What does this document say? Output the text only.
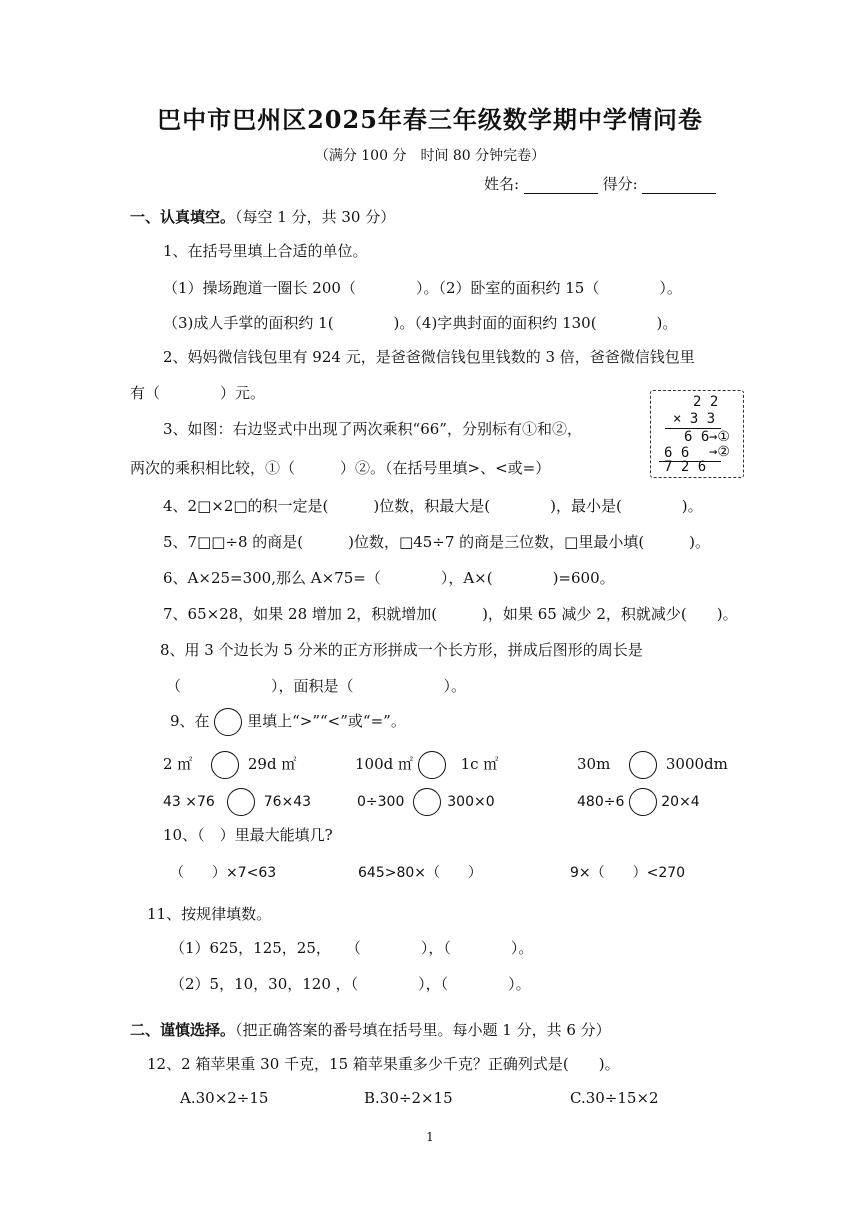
巴中市巴州区2025年春三年级数学期中学情问卷
（满分 100 分　时间 80 分钟完卷）
姓名:	得分:
一、认真填空。（每空 1 分，共 30 分）
1、在括号里填上合适的单位。
（1）操场跑道一圈长 200（　　　　）。（2）卧室的面积约 15（　　　　）。
（3)成人手掌的面积约 1(　　　　)。（4)字典封面的面积约 130(　　　　)。
2、妈妈微信钱包里有 924 元，是爸爸微信钱包里钱数的 3 倍，爸爸微信钱包里
有（　　　　）元。
3、如图：右边竖式中出现了两次乘积“66”，分别标有①和②，
两次的乘积相比较，①（　　　）②。（在括号里填>、<或=）
2 2
× 3 3
6 6 →①
6 6 →②
7 2 6
4、2□×2□的积一定是(　　　)位数，积最大是(　　　　)，最小是(　　　　)。
5、7□□÷8 的商是(　　　)位数，□45÷7 的商是三位数，□里最小填(　　　)。
6、A×25=300,那么 A×75=（　　　　），A×(　　　　)=600。
7、65×28，如果 28 增加 2，积就增加(　　　)，如果 65 减少 2，积就减少(　　)。
8、用 3 个边长为 5 分米的正方形拼成一个长方形，拼成后图形的周长是
（　　　　　　），面积是（　　　　　　）。
9、在	里填上“>”“<”或“=”。
2 ㎡	29d ㎡	100d ㎡	1c ㎡	30m	3000dm
43 ×76	76×43	0÷300	300×0	480÷6	20×4
10、（　）里最大能填几?
（　　）×7<63	645>80×（　　）	9×（　　）<270
11、按规律填数。
（1）625，125，25，　　（　　　　），（　　　　）。
（2）5，10，30，120 ，（　　　　），（　　　　）。
二、谨慎选择。（把正确答案的番号填在括号里。每小题 1 分，共 6 分）
12、2 箱苹果重 30 千克，15 箱苹果重多少千克？正确列式是(　　)。
A.30×2÷15	B.30÷2×15	C.30÷15×2
1
